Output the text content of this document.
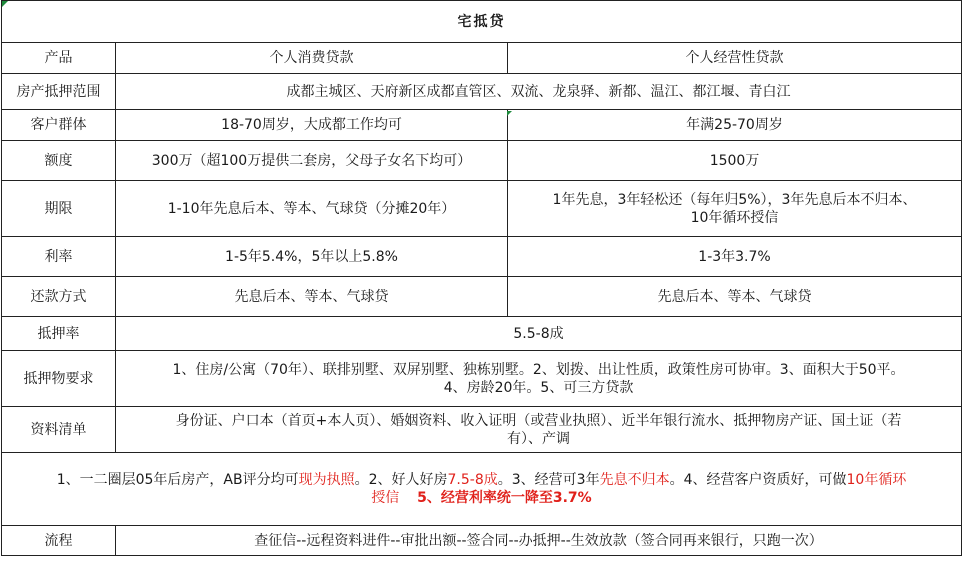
宅抵贷		
产品	个人消费贷款	个人经营性贷款
房产抵押范围	成都主城区、天府新区成都直管区、双流、龙泉驿、新都、温江、都江堰、青白江	
客户群体	18-70周岁，大成都工作均可	年满25-70周岁
额度	300万（超100万提供二套房，父母子女名下均可）	1500万
期限	1-10年先息后本、等本、气球贷（分摊20年）	1年先息，3年轻松还（每年归5%），3年先息后本不归本、
10年循环授信

利率	1-5年5.4%，5年以上5.8%	1-3年3.7%
还款方式	先息后本、等本、气球贷	先息后本、等本、气球贷
抵押率	5.5-8成	
抵押物要求	1、住房/公寓（70年）、联排别墅、双屏别墅、独栋别墅。2、划拨、出让性质，政策性房可协审。3、面积大于50平。
4、房龄20年。5、可三方贷款	

资料清单	身份证、户口本（首页+本人页）、婚姻资料、收入证明（或营业执照）、近半年银行流水、抵押物房产证、国土证（若
有）、产调	

1、一二圈层05年后房产，AB评分均可现为执照。2、好人好房7.5-8成。3、经营可3年先息不归本。4、经营客户资质好，可做10年循环
授信 5、经营利率统一降至3.7%		
流程	查征信--远程资料进件--审批出额--签合同--办抵押--生效放款（签合同再来银行，只跑一次）	
